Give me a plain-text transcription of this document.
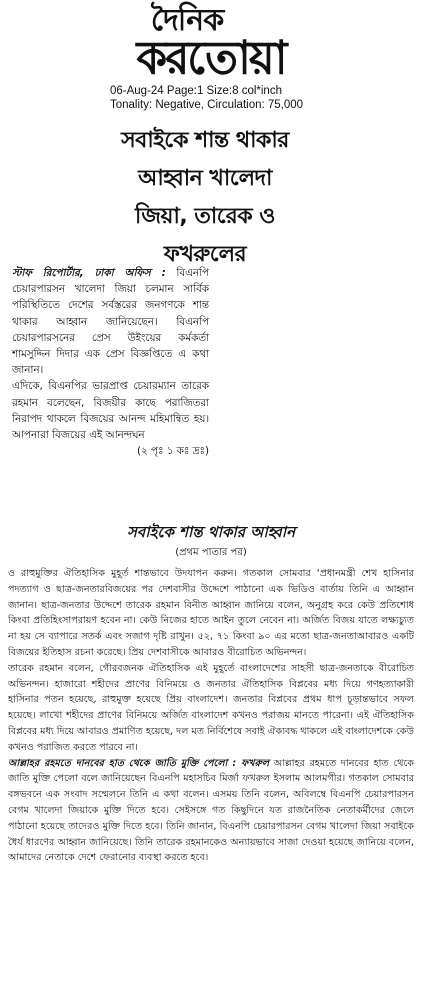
দৈনিক
করতোয়া
06-Aug-24 Page:1 Size:8 col*inch
Tonality: Negative, Circulation: 75,000
সবাইকে শান্ত থাকার
আহ্বান খালেদা
জিয়া, তারেক ও
ফখরুলের

স্টাফ রিপোর্টার, ঢাকা অফিস : বিএনপি চেয়ারপারসন খালেদা জিয়া চলমান সার্বিক পরিস্থিতিতে দেশের সর্বস্তরের জনগণকে শান্ত থাকার আহ্বান জানিয়েছেন। বিএনপি চেয়ারপারসনের প্রেস উইংয়ের কর্মকর্তা শামসুদ্দিন দিদার এক প্রেস বিজ্ঞপ্তিতে এ কথা জানান।

এদিকে, বিএনপির ভারপ্রাপ্ত চেয়ারম্যান তারেক রহমান বলেছেন, বিজয়ীর কাছে পরাজিতরা নিরাপদ থাকলে বিজয়ের আনন্দ মহিমান্বিত হয়। আপনারা বিজয়ের এই আনন্দঘন
(২ পৃঃ ১ কঃ দ্রঃ)

সবাইকে শান্ত থাকার আহ্বান
(প্রথম পাতার পর)

ও রাহুমুক্তির ঐতিহাসিক মুহূর্ত শান্তভাবে উদযাপন করুন। গতকাল সোমবার ‘প্রধানমন্ত্রী শেখ হাসিনার পদত্যাগ ও ছাত্র-জনতারবিজয়ের পর দেশবাসীর উদ্দেশে পাঠানো এক ভিডিও বার্তায় তিনি এ আহ্বান জানান। ছাত্র-জনতার উদ্দেশে তারেক রহমান বিনীত আহ্বান জানিয়ে বলেন, অনুগ্রহ করে কেউ প্রতিশোধ কিংবা প্রতিহিংসাপরায়ণ হবেন না। কেউ নিজের হাতে আইন তুলে নেবেন না। অর্জিত বিজয় যাতে লক্ষ্যচ্যুত না হয় সে ব্যাপারে সতর্ক এবং সজাগ দৃষ্টি রাখুন। ৫২, ৭১ কিংবা ৯০ এর মতো ছাত্র-জনতাআবারও একটি বিজয়ের ইতিহাস রচনা করেছে। প্রিয় দেশবাসীকে আবারও বীরোচিত অভিনন্দন।

তারেক রহমান বলেন, গৌরবজনক ঐতিহাসিক এই মুহূর্তে বাংলাদেশের সাহসী ছাত্র-জনতাকে বীরোচিত অভিনন্দন। হাজারো শহীদের প্রাণের বিনিময়ে ও জনতার ঐতিহাসিক বিপ্লবের মধ্য দিয়ে গণহত্যাকারী হাসিনার পতন হয়েছে, রাহুমুক্ত হয়েছে প্রিয় বাংলাদেশ। জনতার বিপ্লবের প্রথম ধাপ চূড়ান্তভাবে সফল হয়েছে। লাখো শহীদের প্রাণের বিনিময়ে অর্জিত বাংলাদেশ কখনও পরাজয় মানতে পারেনা। এই ঐতিহাসিক বিপ্লবের মধ্য দিয়ে আবারও প্রমাণিত হয়েছে, দল মত নির্বিশেষে সবাই ঐক্যবদ্ধ থাকলে এই বাংলাদেশকে কেউ কখনও পরাজিত করতে পারবে না।

আল্লাহর রহমতে দানবের হাত থেকে জাতি মুক্তি পেলো : ফখরুল আল্লাহর রহমতে দানবের হাত থেকে জাতি মুক্তি পেলো বলে জানিয়েছেন বিএনপি মহাসচিব মির্জা ফখরুল ইসলাম আলমগীর। গতকাল সোমবার বঙ্গভবনে এক সংবাদ সম্মেলনে তিনি এ কথা বলেন। এসময় তিনি বলেন, অবিলম্বে বিএনপি চেয়ারপারসন বেগম খালেদা জিয়াকে মুক্তি দিতে হবে। সেইসঙ্গে গত কিছুদিনে যত রাজনৈতিক নেতাকর্মীদের জেলে পাঠানো হয়েছে তাদেরও মুক্তি দিতে হবে। তিনি জানান, বিএনপি চেয়ারপারসন বেগম খালেদা জিয়া সবাইকে ধৈর্য ধারণের আহ্বান জানিয়েছে। তিনি তারেক রহমানকেও অন্যায়ভাবে সাজা দেওয়া হয়েছে জানিয়ে বলেন, আমাদের নেতাকে দেশে ফেরানোর ব্যবস্থা করতে হবে।
